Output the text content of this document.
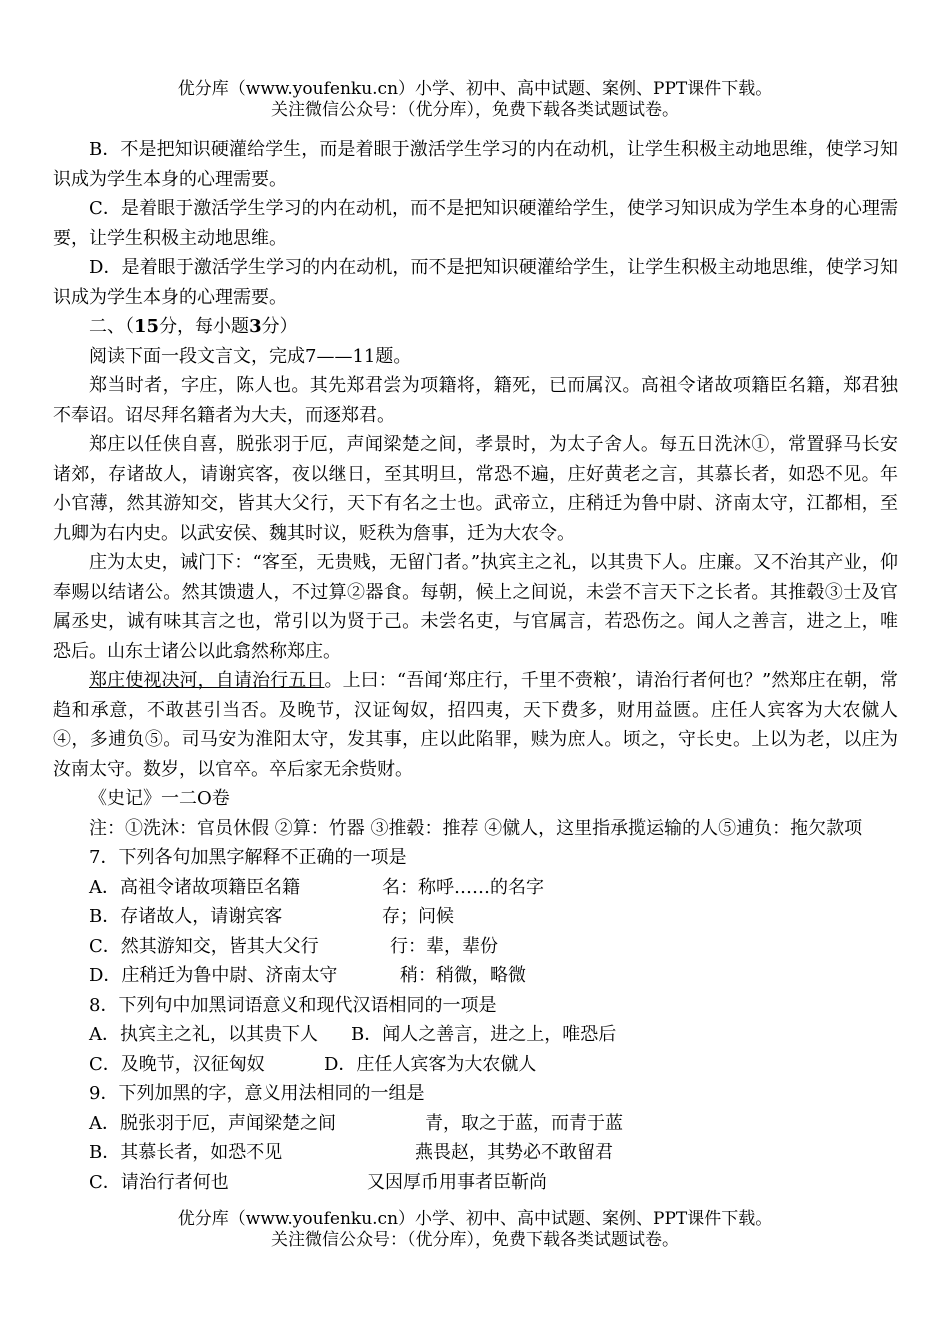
优分库（www.youfenku.cn）小学、初中、高中试题、案例、PPT课件下载。
关注微信公众号：（优分库），免费下载各类试题试卷。

B．不是把知识硬灌给学生，而是着眼于激活学生学习的内在动机，让学生积极主动地思维，使学习知识成为学生本身的心理需要。

C．是着眼于激活学生学习的内在动机，而不是把知识硬灌给学生，使学习知识成为学生本身的心理需要，让学生积极主动地思维。

D．是着眼于激活学生学习的内在动机，而不是把知识硬灌给学生，让学生积极主动地思维，使学习知识成为学生本身的心理需要。

二、（15分，每小题3分）

阅读下面一段文言文，完成7——11题。

郑当时者，字庄，陈人也。其先郑君尝为项籍将，籍死，已而属汉。高祖令诸故项籍臣名籍，郑君独不奉诏。诏尽拜名籍者为大夫，而逐郑君。

郑庄以任侠自喜，脱张羽于厄，声闻梁楚之间，孝景时，为太子舍人。每五日洗沐①，常置驿马长安诸郊，存诸故人，请谢宾客，夜以继日，至其明旦，常恐不遍，庄好黄老之言，其慕长者，如恐不见。年小官薄，然其游知交，皆其大父行，天下有名之士也。武帝立，庄稍迁为鲁中尉、济南太守，江都相，至九卿为右内史。以武安侯、魏其时议，贬秩为詹事，迁为大农令。

庄为太史，诫门下：“客至，无贵贱，无留门者。”执宾主之礼，以其贵下人。庄廉。又不治其产业，仰奉赐以结诸公。然其馈遗人，不过算②器食。每朝，候上之间说，未尝不言天下之长者。其推毂③士及官属丞史，诚有味其言之也，常引以为贤于己。未尝名吏，与官属言，若恐伤之。闻人之善言，进之上，唯恐后。山东士诸公以此翕然称郑庄。

郑庄使视决河，自请治行五日。上曰：“吾闻‘郑庄行，千里不赍粮’，请治行者何也？”然郑庄在朝，常趋和承意，不敢甚引当否。及晚节，汉证匈奴，招四夷，天下费多，财用益匮。庄任人宾客为大农僦人④，多逋负⑤。司马安为淮阳太守，发其事，庄以此陷罪，赎为庶人。顷之，守长史。上以为老，以庄为汝南太守。数岁，以官卒。卒后家无余赀财。

《史记》一二O卷

注：①洗沐：官员休假 ②算：竹器 ③推毂：推荐 ④僦人，这里指承揽运输的人⑤逋负：拖欠款项

7．下列各句加黑字解释不正确的一项是

A．高祖令诸故项籍臣名籍	名：称呼……的名字

B．存诸故人，请谢宾客	存；问候

C．然其游知交，皆其大父行	行：辈，辈份

D．庄稍迁为鲁中尉、济南太守	稍：稍微，略微

8．下列句中加黑词语意义和现代汉语相同的一项是

A．执宾主之礼，以其贵下人	B．闻人之善言，进之上，唯恐后

C．及晚节，汉征匈奴	D．庄任人宾客为大农僦人

9．下列加黑的字，意义用法相同的一组是

A．脱张羽于厄，声闻梁楚之间	青，取之于蓝，而青于蓝

B．其慕长者，如恐不见	燕畏赵，其势必不敢留君

C．请治行者何也	又因厚币用事者臣靳尚

优分库（www.youfenku.cn）小学、初中、高中试题、案例、PPT课件下载。
关注微信公众号：（优分库），免费下载各类试题试卷。
